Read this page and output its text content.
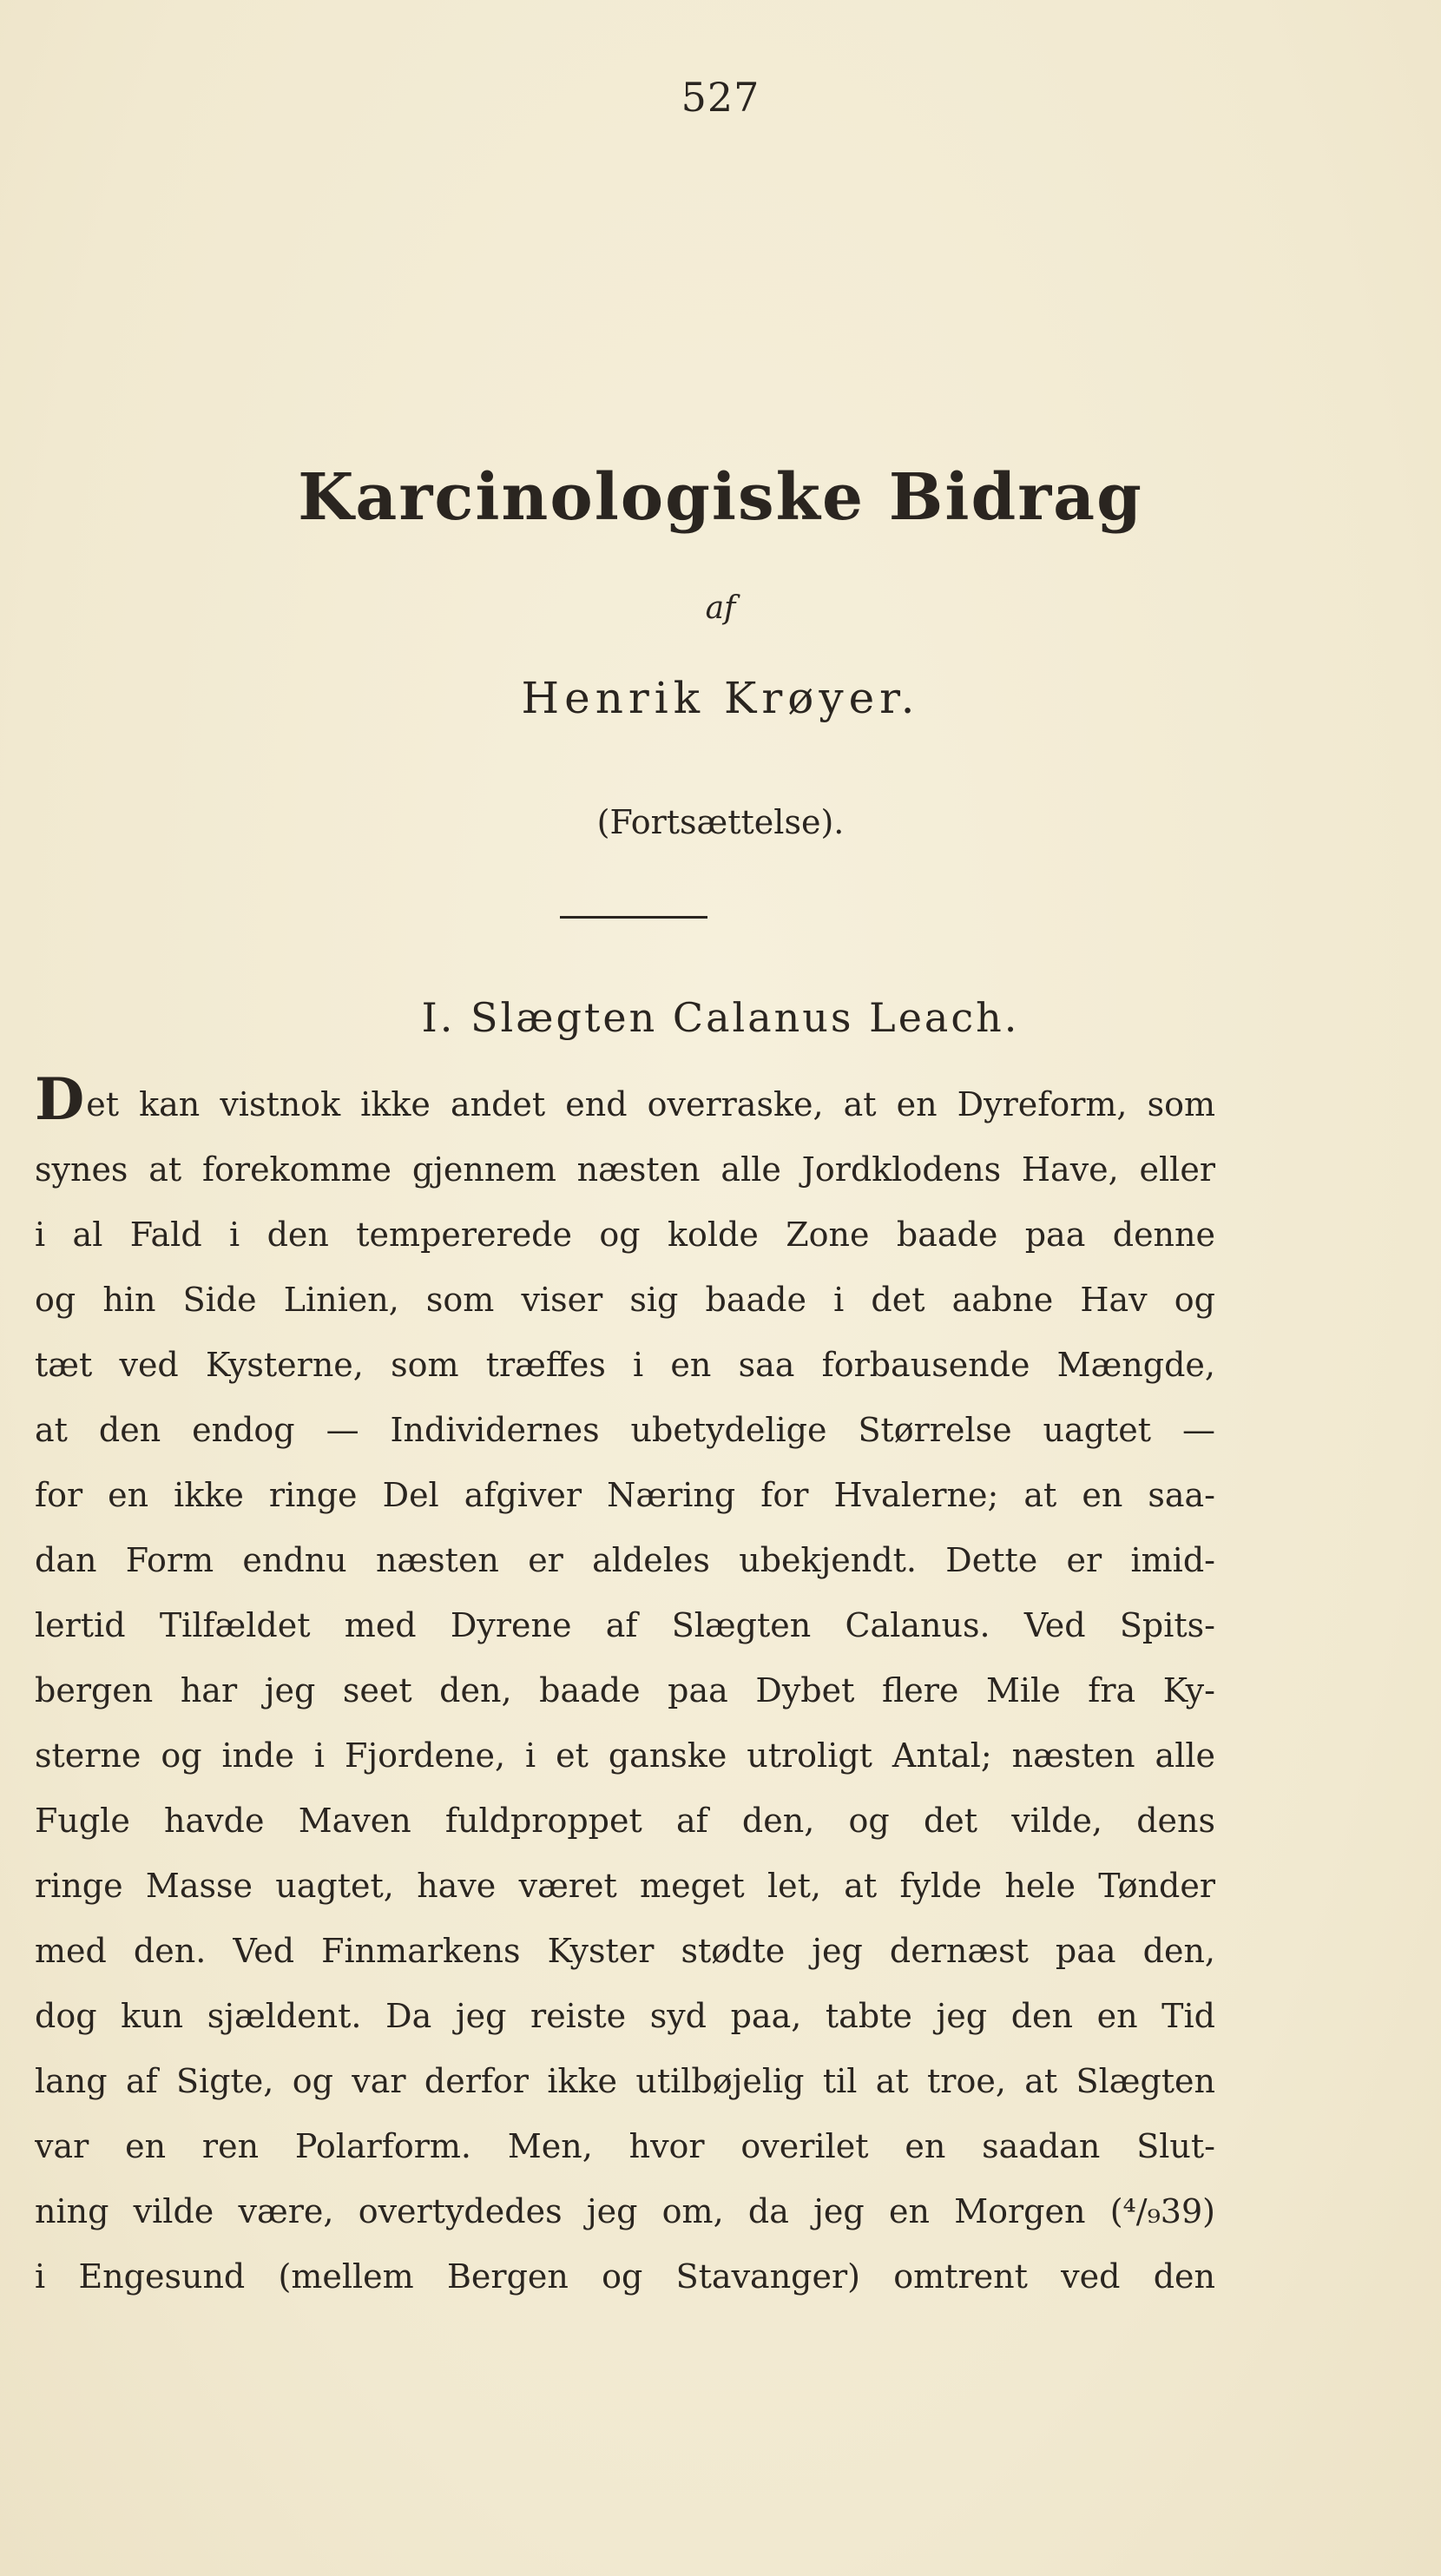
527
Karcinologiske Bidrag
af
Henrik Krøyer.
(Fortsættelse).
I. Slægten Calanus Leach.
Det kan vistnok ikke andet end overraske, at en Dyreform, som
synes at forekomme gjennem næsten alle Jordklodens Have, eller
i al Fald i den tempererede og kolde Zone baade paa denne
og hin Side Linien, som viser sig baade i det aabne Hav og
tæt ved Kysterne, som træffes i en saa forbausende Mængde,
at den endog — Individernes ubetydelige Størrelse uagtet —
for en ikke ringe Del afgiver Næring for Hvalerne; at en saa-
dan Form endnu næsten er aldeles ubekjendt. Dette er imid-
lertid Tilfældet med Dyrene af Slægten Calanus. Ved Spits-
bergen har jeg seet den, baade paa Dybet flere Mile fra Ky-
sterne og inde i Fjordene, i et ganske utroligt Antal; næsten alle
Fugle havde Maven fuldproppet af den, og det vilde, dens
ringe Masse uagtet, have været meget let, at fylde hele Tønder
med den. Ved Finmarkens Kyster stødte jeg dernæst paa den,
dog kun sjældent. Da jeg reiste syd paa, tabte jeg den en Tid
lang af Sigte, og var derfor ikke utilbøjelig til at troe, at Slægten
var en ren Polarform. Men, hvor overilet en saadan Slut-
ning vilde være, overtydedes jeg om, da jeg en Morgen (⁴/₉39)
i Engesund (mellem Bergen og Stavanger) omtrent ved den
